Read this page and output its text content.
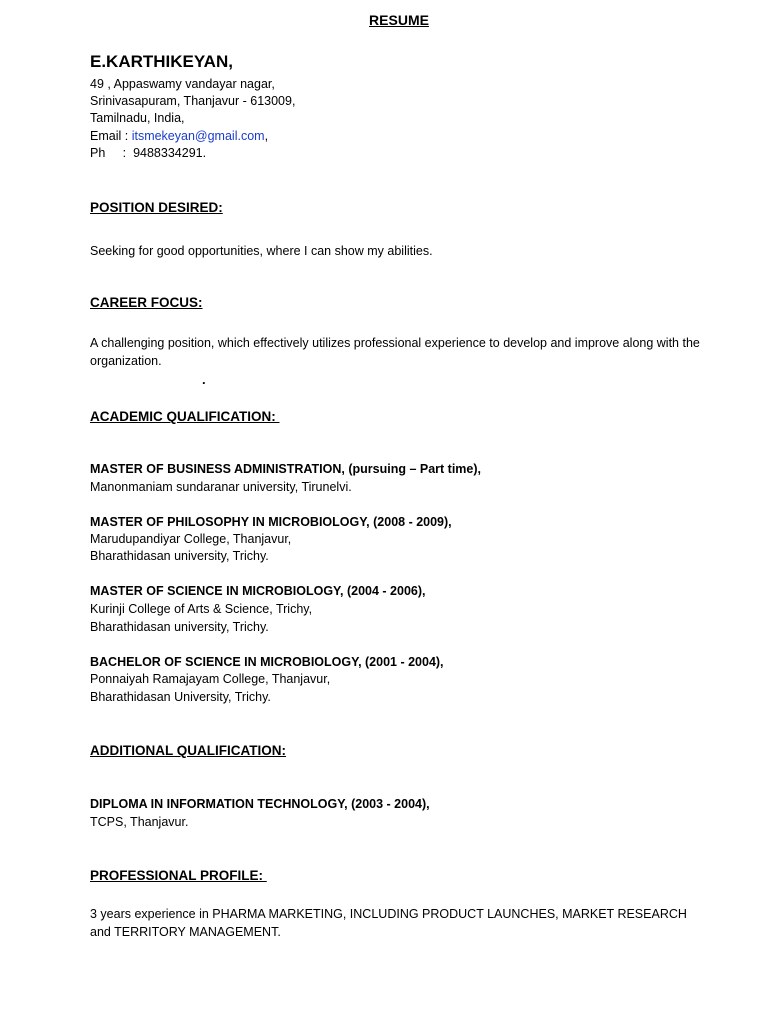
RESUME
E.KARTHIKEYAN,
49 , Appaswamy vandayar nagar,
Srinivasapuram, Thanjavur - 613009,
Tamilnadu, India,
Email : itsmekeyan@gmail.com,
Ph     :  9488334291.
POSITION DESIRED:
Seeking for good opportunities, where I can show my abilities.
CAREER FOCUS:
A challenging position, which effectively utilizes professional experience to develop and improve along with the organization.
.
ACADEMIC QUALIFICATION:
MASTER OF BUSINESS ADMINISTRATION, (pursuing – Part time),
Manonmaniam sundaranar university, Tirunelvi.
MASTER OF PHILOSOPHY IN MICROBIOLOGY, (2008 - 2009),
Marudupandiyar College, Thanjavur,
Bharathidasan university, Trichy.
MASTER OF SCIENCE IN MICROBIOLOGY, (2004 - 2006),
Kurinji College of Arts & Science, Trichy,
Bharathidasan university, Trichy.
BACHELOR OF SCIENCE IN MICROBIOLOGY, (2001 - 2004),
Ponnaiyah Ramajayam College, Thanjavur,
Bharathidasan University, Trichy.
ADDITIONAL QUALIFICATION:
DIPLOMA IN INFORMATION TECHNOLOGY, (2003 - 2004),
TCPS, Thanjavur.
PROFESSIONAL PROFILE:
3 years experience in PHARMA MARKETING, INCLUDING PRODUCT LAUNCHES, MARKET RESEARCH and TERRITORY MANAGEMENT.
